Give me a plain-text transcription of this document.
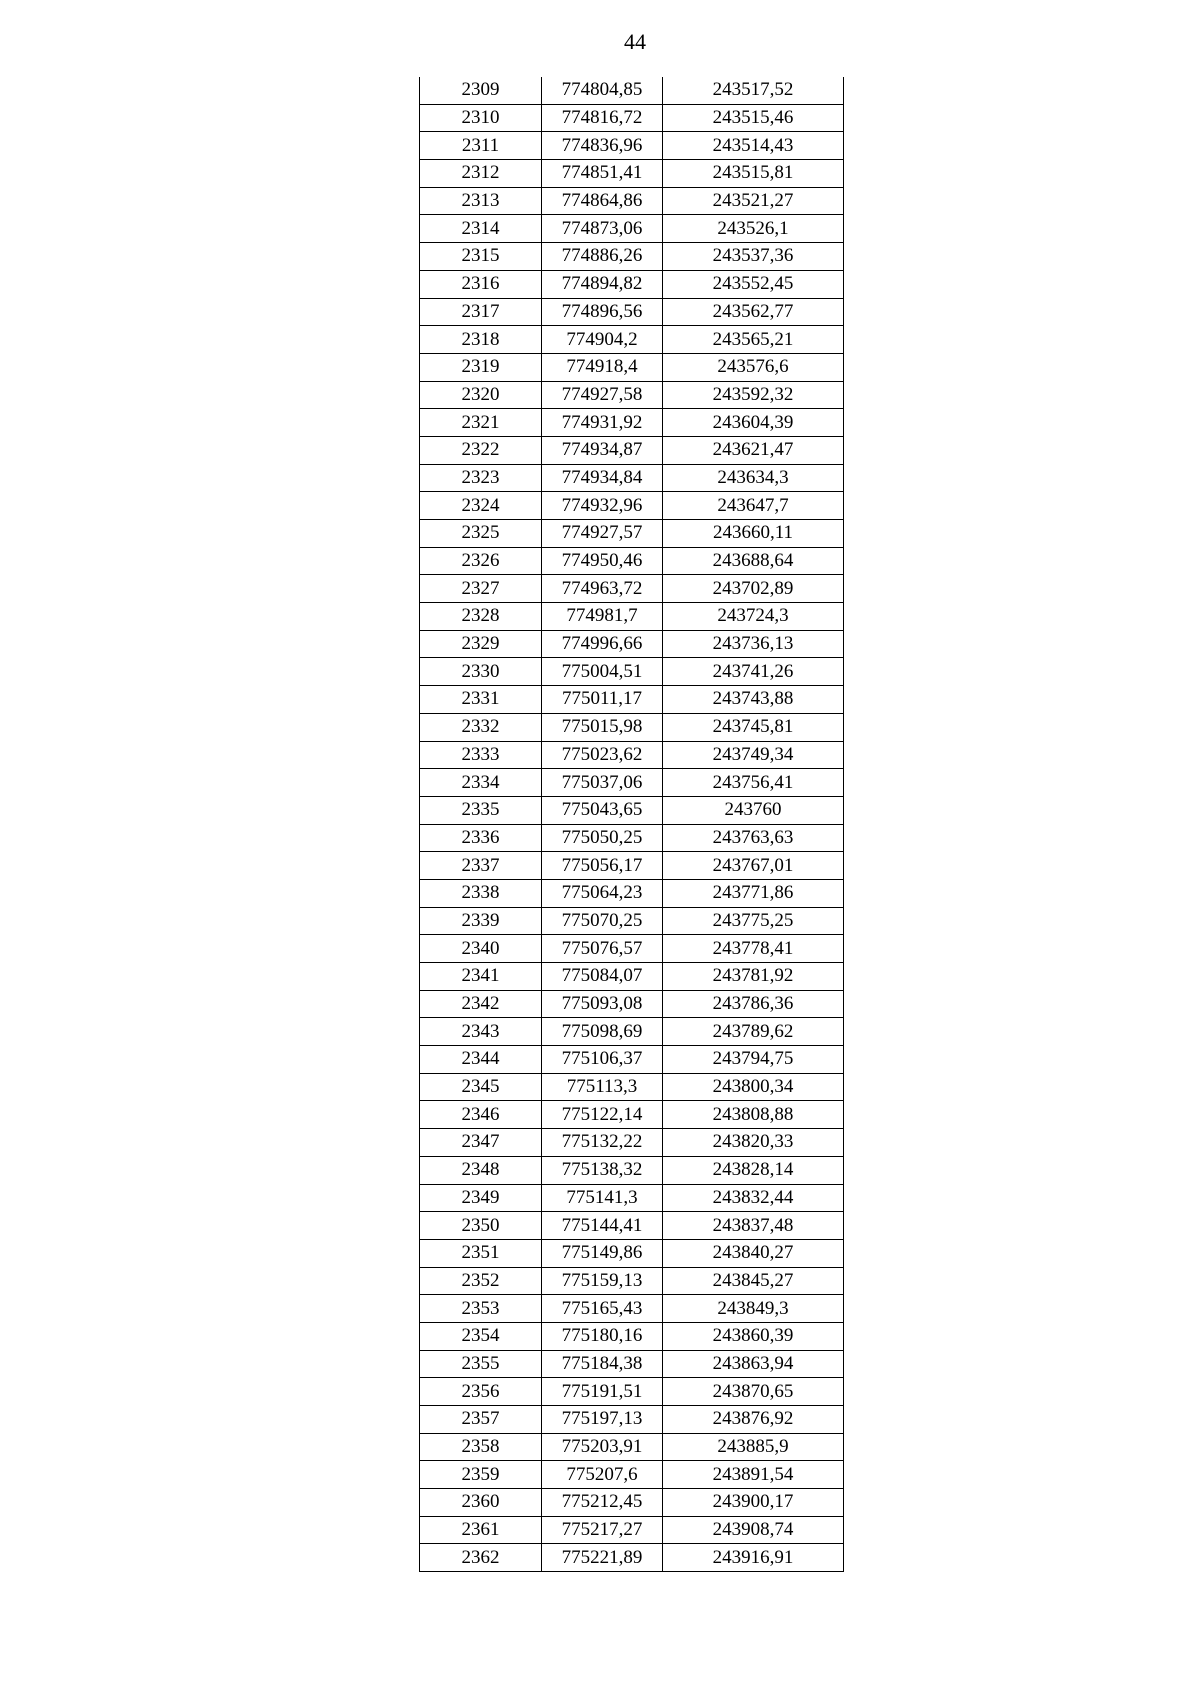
44
2309	774804,85	243517,52
2310	774816,72	243515,46
2311	774836,96	243514,43
2312	774851,41	243515,81
2313	774864,86	243521,27
2314	774873,06	243526,1
2315	774886,26	243537,36
2316	774894,82	243552,45
2317	774896,56	243562,77
2318	774904,2	243565,21
2319	774918,4	243576,6
2320	774927,58	243592,32
2321	774931,92	243604,39
2322	774934,87	243621,47
2323	774934,84	243634,3
2324	774932,96	243647,7
2325	774927,57	243660,11
2326	774950,46	243688,64
2327	774963,72	243702,89
2328	774981,7	243724,3
2329	774996,66	243736,13
2330	775004,51	243741,26
2331	775011,17	243743,88
2332	775015,98	243745,81
2333	775023,62	243749,34
2334	775037,06	243756,41
2335	775043,65	243760
2336	775050,25	243763,63
2337	775056,17	243767,01
2338	775064,23	243771,86
2339	775070,25	243775,25
2340	775076,57	243778,41
2341	775084,07	243781,92
2342	775093,08	243786,36
2343	775098,69	243789,62
2344	775106,37	243794,75
2345	775113,3	243800,34
2346	775122,14	243808,88
2347	775132,22	243820,33
2348	775138,32	243828,14
2349	775141,3	243832,44
2350	775144,41	243837,48
2351	775149,86	243840,27
2352	775159,13	243845,27
2353	775165,43	243849,3
2354	775180,16	243860,39
2355	775184,38	243863,94
2356	775191,51	243870,65
2357	775197,13	243876,92
2358	775203,91	243885,9
2359	775207,6	243891,54
2360	775212,45	243900,17
2361	775217,27	243908,74
2362	775221,89	243916,91
